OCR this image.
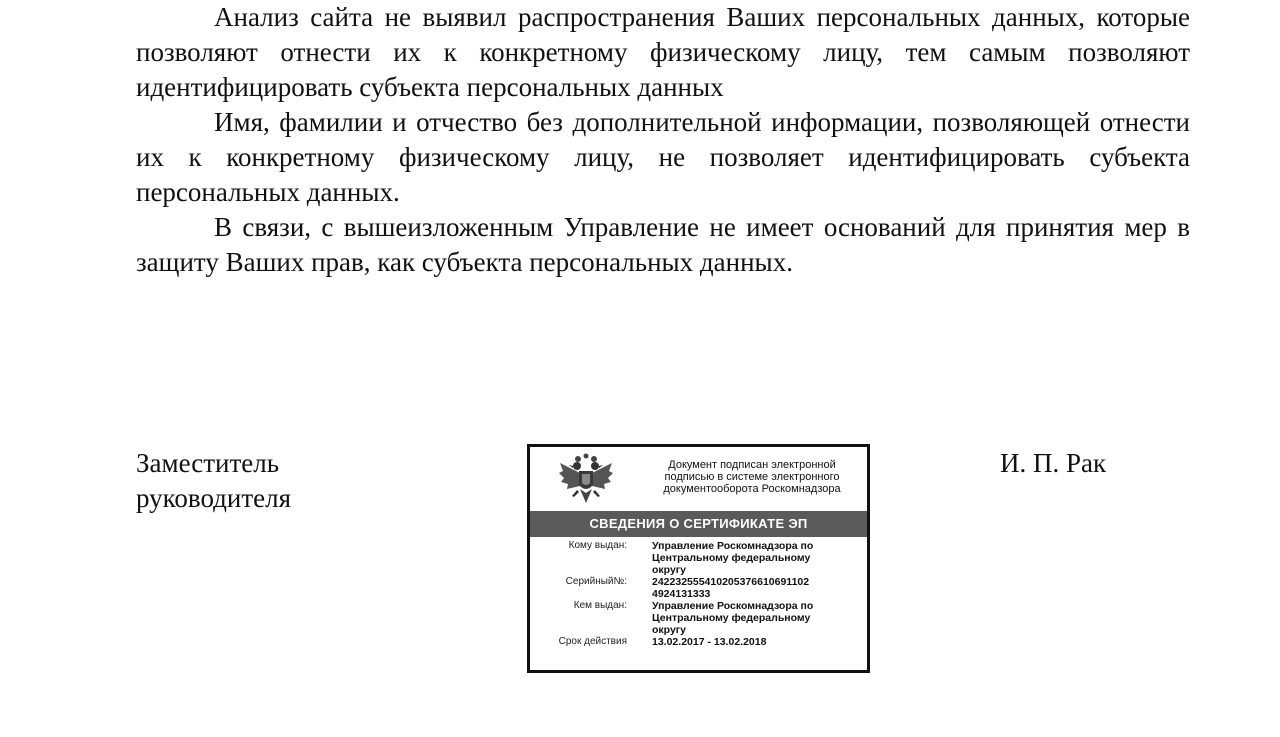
Анализ сайта не выявил распространения Ваших персональных данных, которые позволяют отнести их к конкретному физическому лицу, тем самым позволяют идентифицировать субъекта персональных данных

Имя, фамилии и отчество без дополнительной информации, позволяющей отнести их к конкретному физическому лицу, не позволяет идентифицировать субъекта персональных данных.

В связи, с вышеизложенным Управление не имеет оснований для принятия мер в защиту Ваших прав, как субъекта персональных данных.

Заместитель
руководителя
И. П. Рак
Документ подписан электронной
подписью в системе электронного
документооборота Роскомнадзора
СВЕДЕНИЯ О СЕРТИФИКАТЕ ЭП
Кому выдан: Управление Роскомнадзора по
Центральному федеральному
округу
Серийный№: 242232555410205376610691102
4924131333
Кем выдан: Управление Роскомнадзора по
Центральному федеральному
округу
Срок действия 13.02.2017 - 13.02.2018
